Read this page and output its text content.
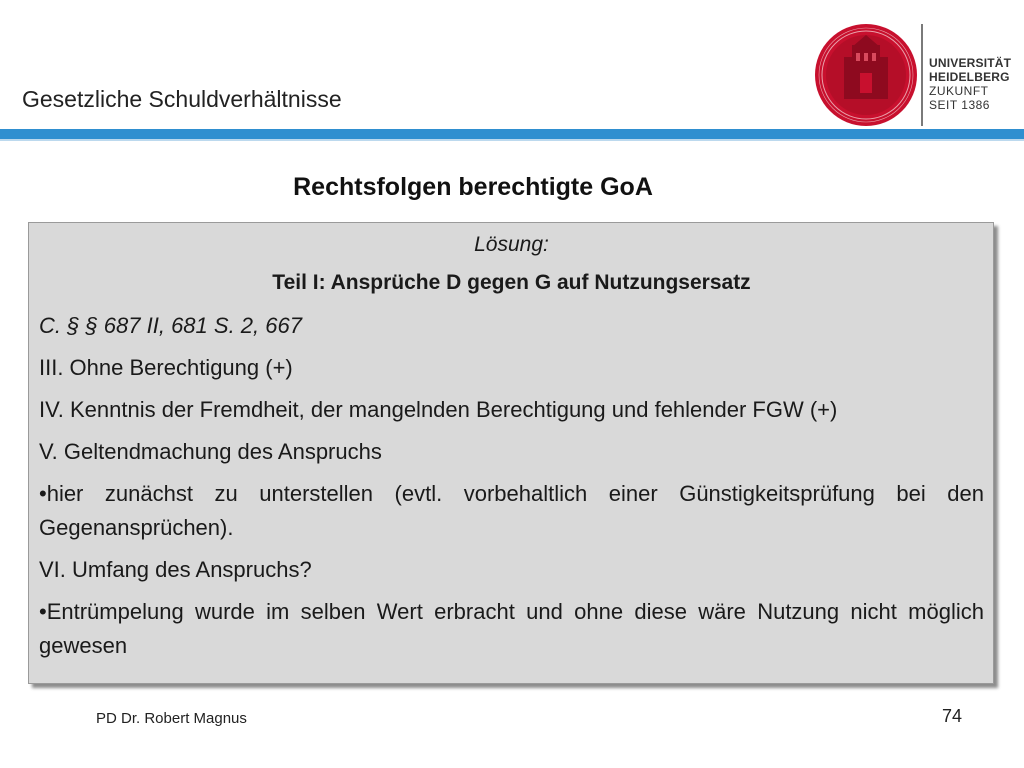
Gesetzliche Schuldverhältnisse
UNIVERSITÄT
HEIDELBERG
ZUKUNFT
SEIT 1386
Rechtsfolgen berechtigte GoA

Lösung:

Teil I: Ansprüche D gegen G auf Nutzungsersatz

C. § § 687 II, 681 S. 2, 667

III. Ohne Berechtigung (+)

IV. Kenntnis der Fremdheit, der mangelnden Berechtigung und fehlender FGW (+)

V. Geltendmachung des Anspruchs

•hier zunächst zu unterstellen (evtl. vorbehaltlich einer Günstigkeitsprüfung bei den Gegenansprüchen).

VI. Umfang des Anspruchs?

•Entrümpelung wurde im selben Wert erbracht und ohne diese wäre Nutzung nicht möglich gewesen

PD Dr. Robert Magnus	74
